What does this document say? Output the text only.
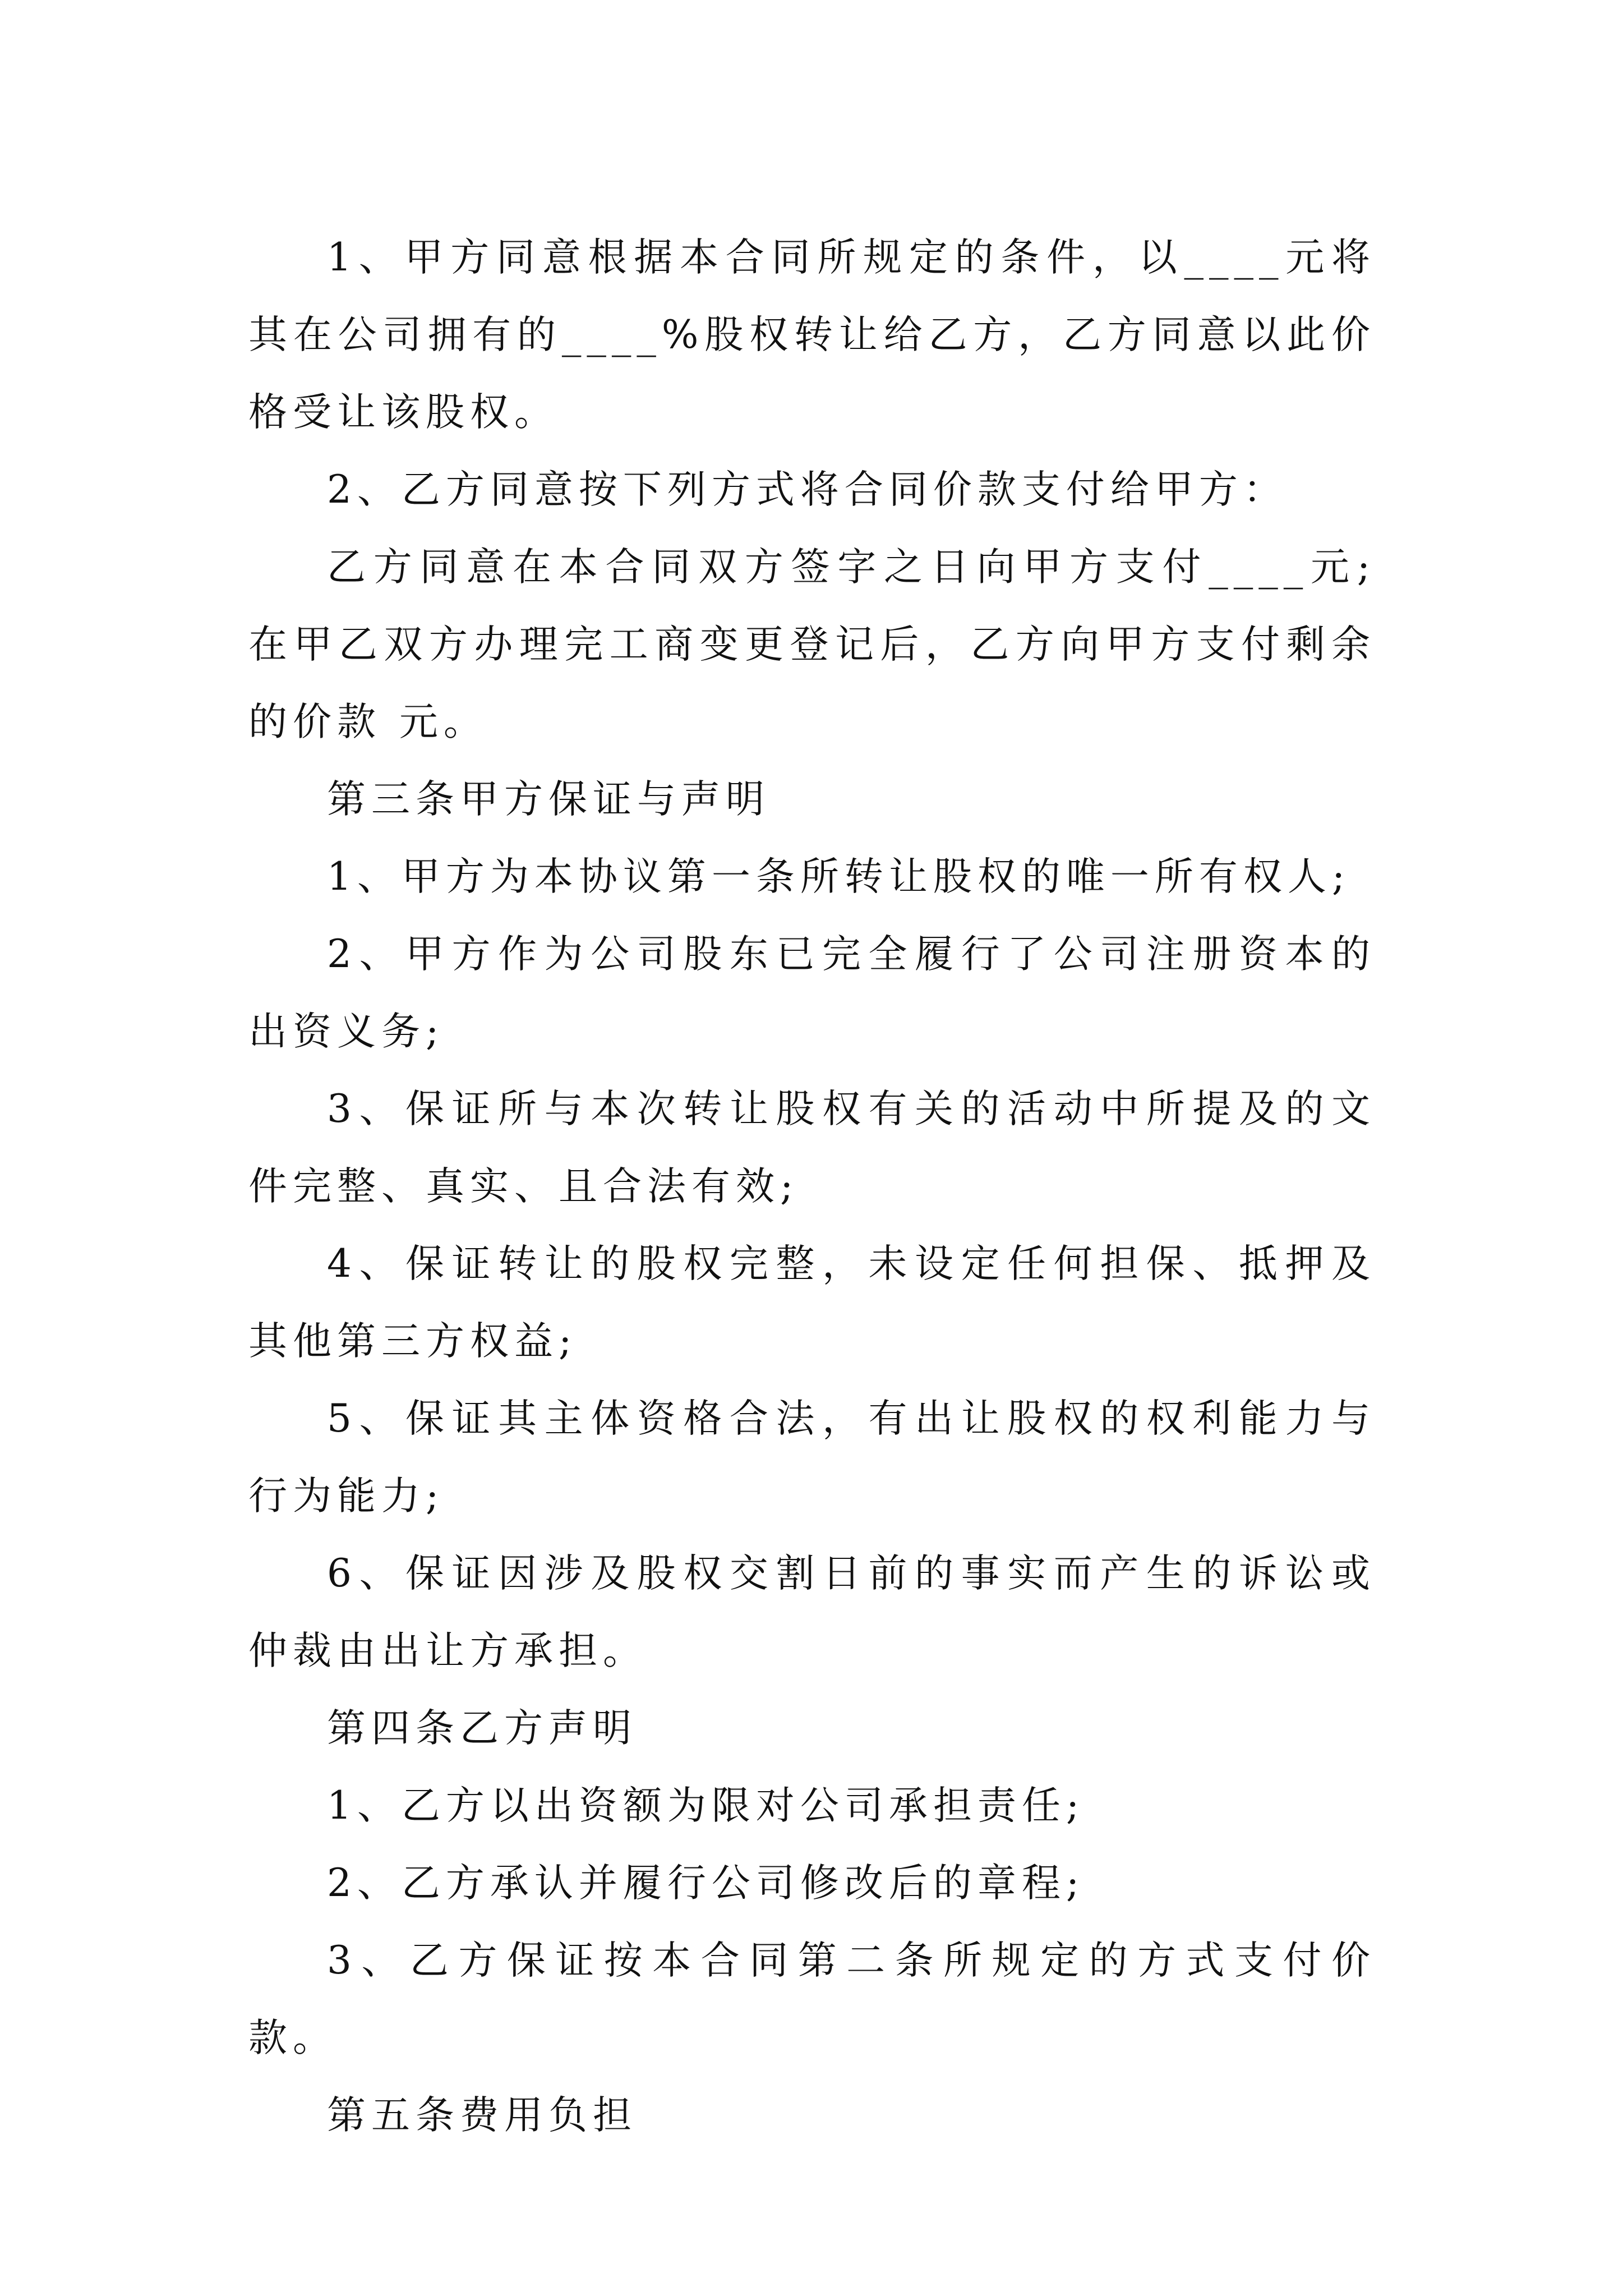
1、甲方同意根据本合同所规定的条件，以____元将其在公司拥有的____%股权转让给乙方，乙方同意以此价格受让该股权。

2、乙方同意按下列方式将合同价款支付给甲方：

乙方同意在本合同双方签字之日向甲方支付____元;在甲乙双方办理完工商变更登记后，乙方向甲方支付剩余的价款 元。

第三条甲方保证与声明

1、甲方为本协议第一条所转让股权的唯一所有权人;

2、甲方作为公司股东已完全履行了公司注册资本的出资义务;

3、保证所与本次转让股权有关的活动中所提及的文件完整、真实、且合法有效;

4、保证转让的股权完整，未设定任何担保、抵押及其他第三方权益;

5、保证其主体资格合法，有出让股权的权利能力与行为能力;

6、保证因涉及股权交割日前的事实而产生的诉讼或仲裁由出让方承担。

第四条乙方声明

1、乙方以出资额为限对公司承担责任;

2、乙方承认并履行公司修改后的章程;

3、乙方保证按本合同第二条所规定的方式支付价款。

第五条费用负担
